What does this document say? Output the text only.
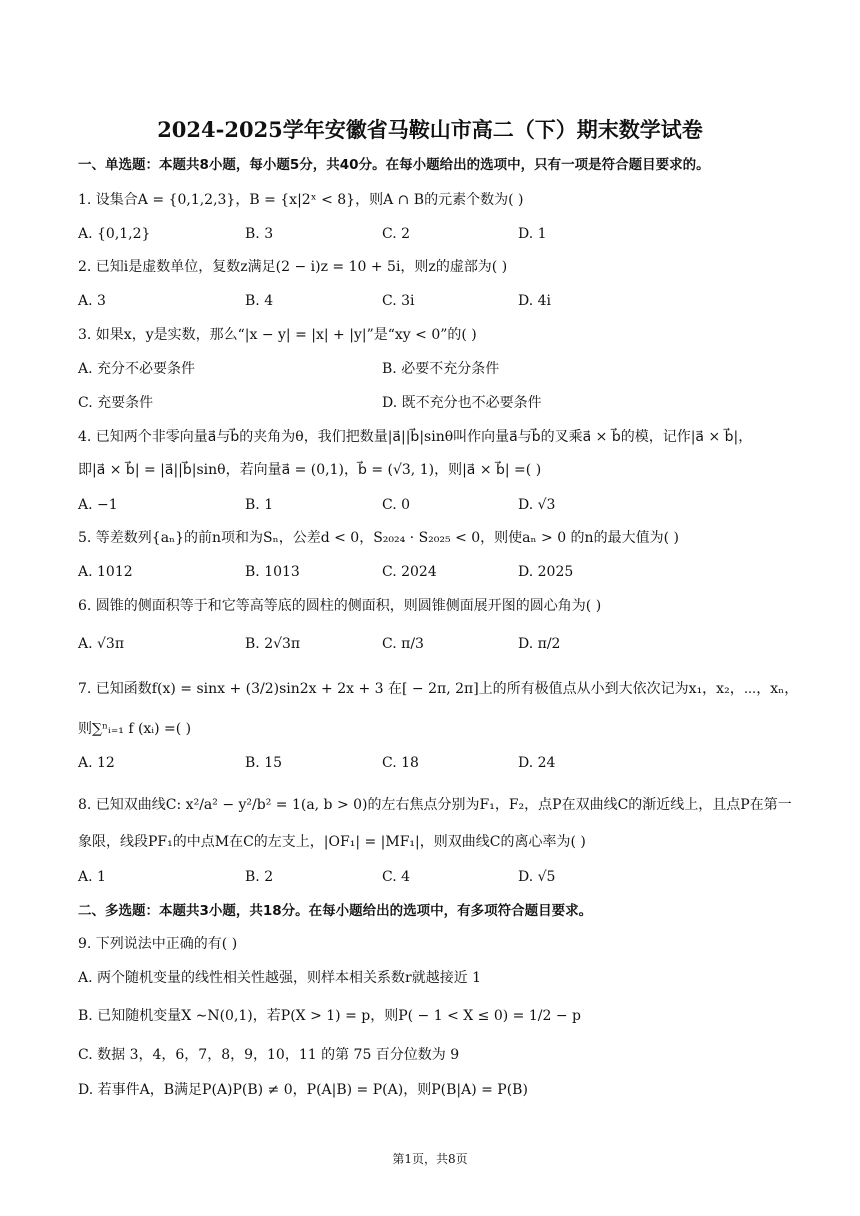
2024-2025学年安徽省马鞍山市高二（下）期末数学试卷
一、单选题：本题共8小题，每小题5分，共40分。在每小题给出的选项中，只有一项是符合题目要求的。
1. 设集合A = {0,1,2,3}，B = {x|2ˣ < 8}，则A ∩ B的元素个数为( )
A. {0,1,2}	B. 3	C. 2	D. 1
2. 已知i是虚数单位，复数z满足(2 − i)z = 10 + 5i，则z的虚部为( )
A. 3	B. 4	C. 3i	D. 4i
3. 如果x，y是实数，那么“|x − y| = |x| + |y|”是“xy < 0”的( )
A. 充分不必要条件	B. 必要不充分条件
C. 充要条件	D. 既不充分也不必要条件
4. 已知两个非零向量a⃗与b⃗的夹角为θ，我们把数量|a⃗||b⃗|sinθ叫作向量a⃗与b⃗的叉乘a⃗ × b⃗的模，记作|a⃗ × b⃗|，
即|a⃗ × b⃗| = |a⃗||b⃗|sinθ，若向量a⃗ = (0,1)，b⃗ = (√3, 1)，则|a⃗ × b⃗| =( )
A. −1	B. 1	C. 0	D. √3
5. 等差数列{aₙ}的前n项和为Sₙ，公差d < 0，S₂₀₂₄ · S₂₀₂₅ < 0，则使aₙ > 0 的n的最大值为( )
A. 1012	B. 1013	C. 2024	D. 2025
6. 圆锥的侧面积等于和它等高等底的圆柱的侧面积，则圆锥侧面展开图的圆心角为( )
A. √3π	B. 2√3π	C. π/3	D. π/2
7. 已知函数f(x) = sinx + (3/2)sin2x + 2x + 3 在[ − 2π, 2π]上的所有极值点从小到大依次记为x₁，x₂，⋯，xₙ，
则∑ⁿᵢ₌₁ f (xᵢ) =( )
A. 12	B. 15	C. 18	D. 24
8. 已知双曲线C: x²/a² − y²/b² = 1(a, b > 0)的左右焦点分别为F₁，F₂，点P在双曲线C的渐近线上，且点P在第一
象限，线段PF₁的中点M在C的左支上，|OF₁| = |MF₁|，则双曲线C的离心率为( )
A. 1	B. 2	C. 4	D. √5
二、多选题：本题共3小题，共18分。在每小题给出的选项中，有多项符合题目要求。
9. 下列说法中正确的有( )
A. 两个随机变量的线性相关性越强，则样本相关系数r就越接近 1
B. 已知随机变量X ∼N(0,1)，若P(X > 1) = p，则P( − 1 < X ≤ 0) = 1/2 − p
C. 数据 3，4，6，7，8，9，10，11 的第 75 百分位数为 9
D. 若事件A，B满足P(A)P(B) ≠ 0，P(A|B) = P(A)，则P(B|A) = P(B)
第1页，共8页
